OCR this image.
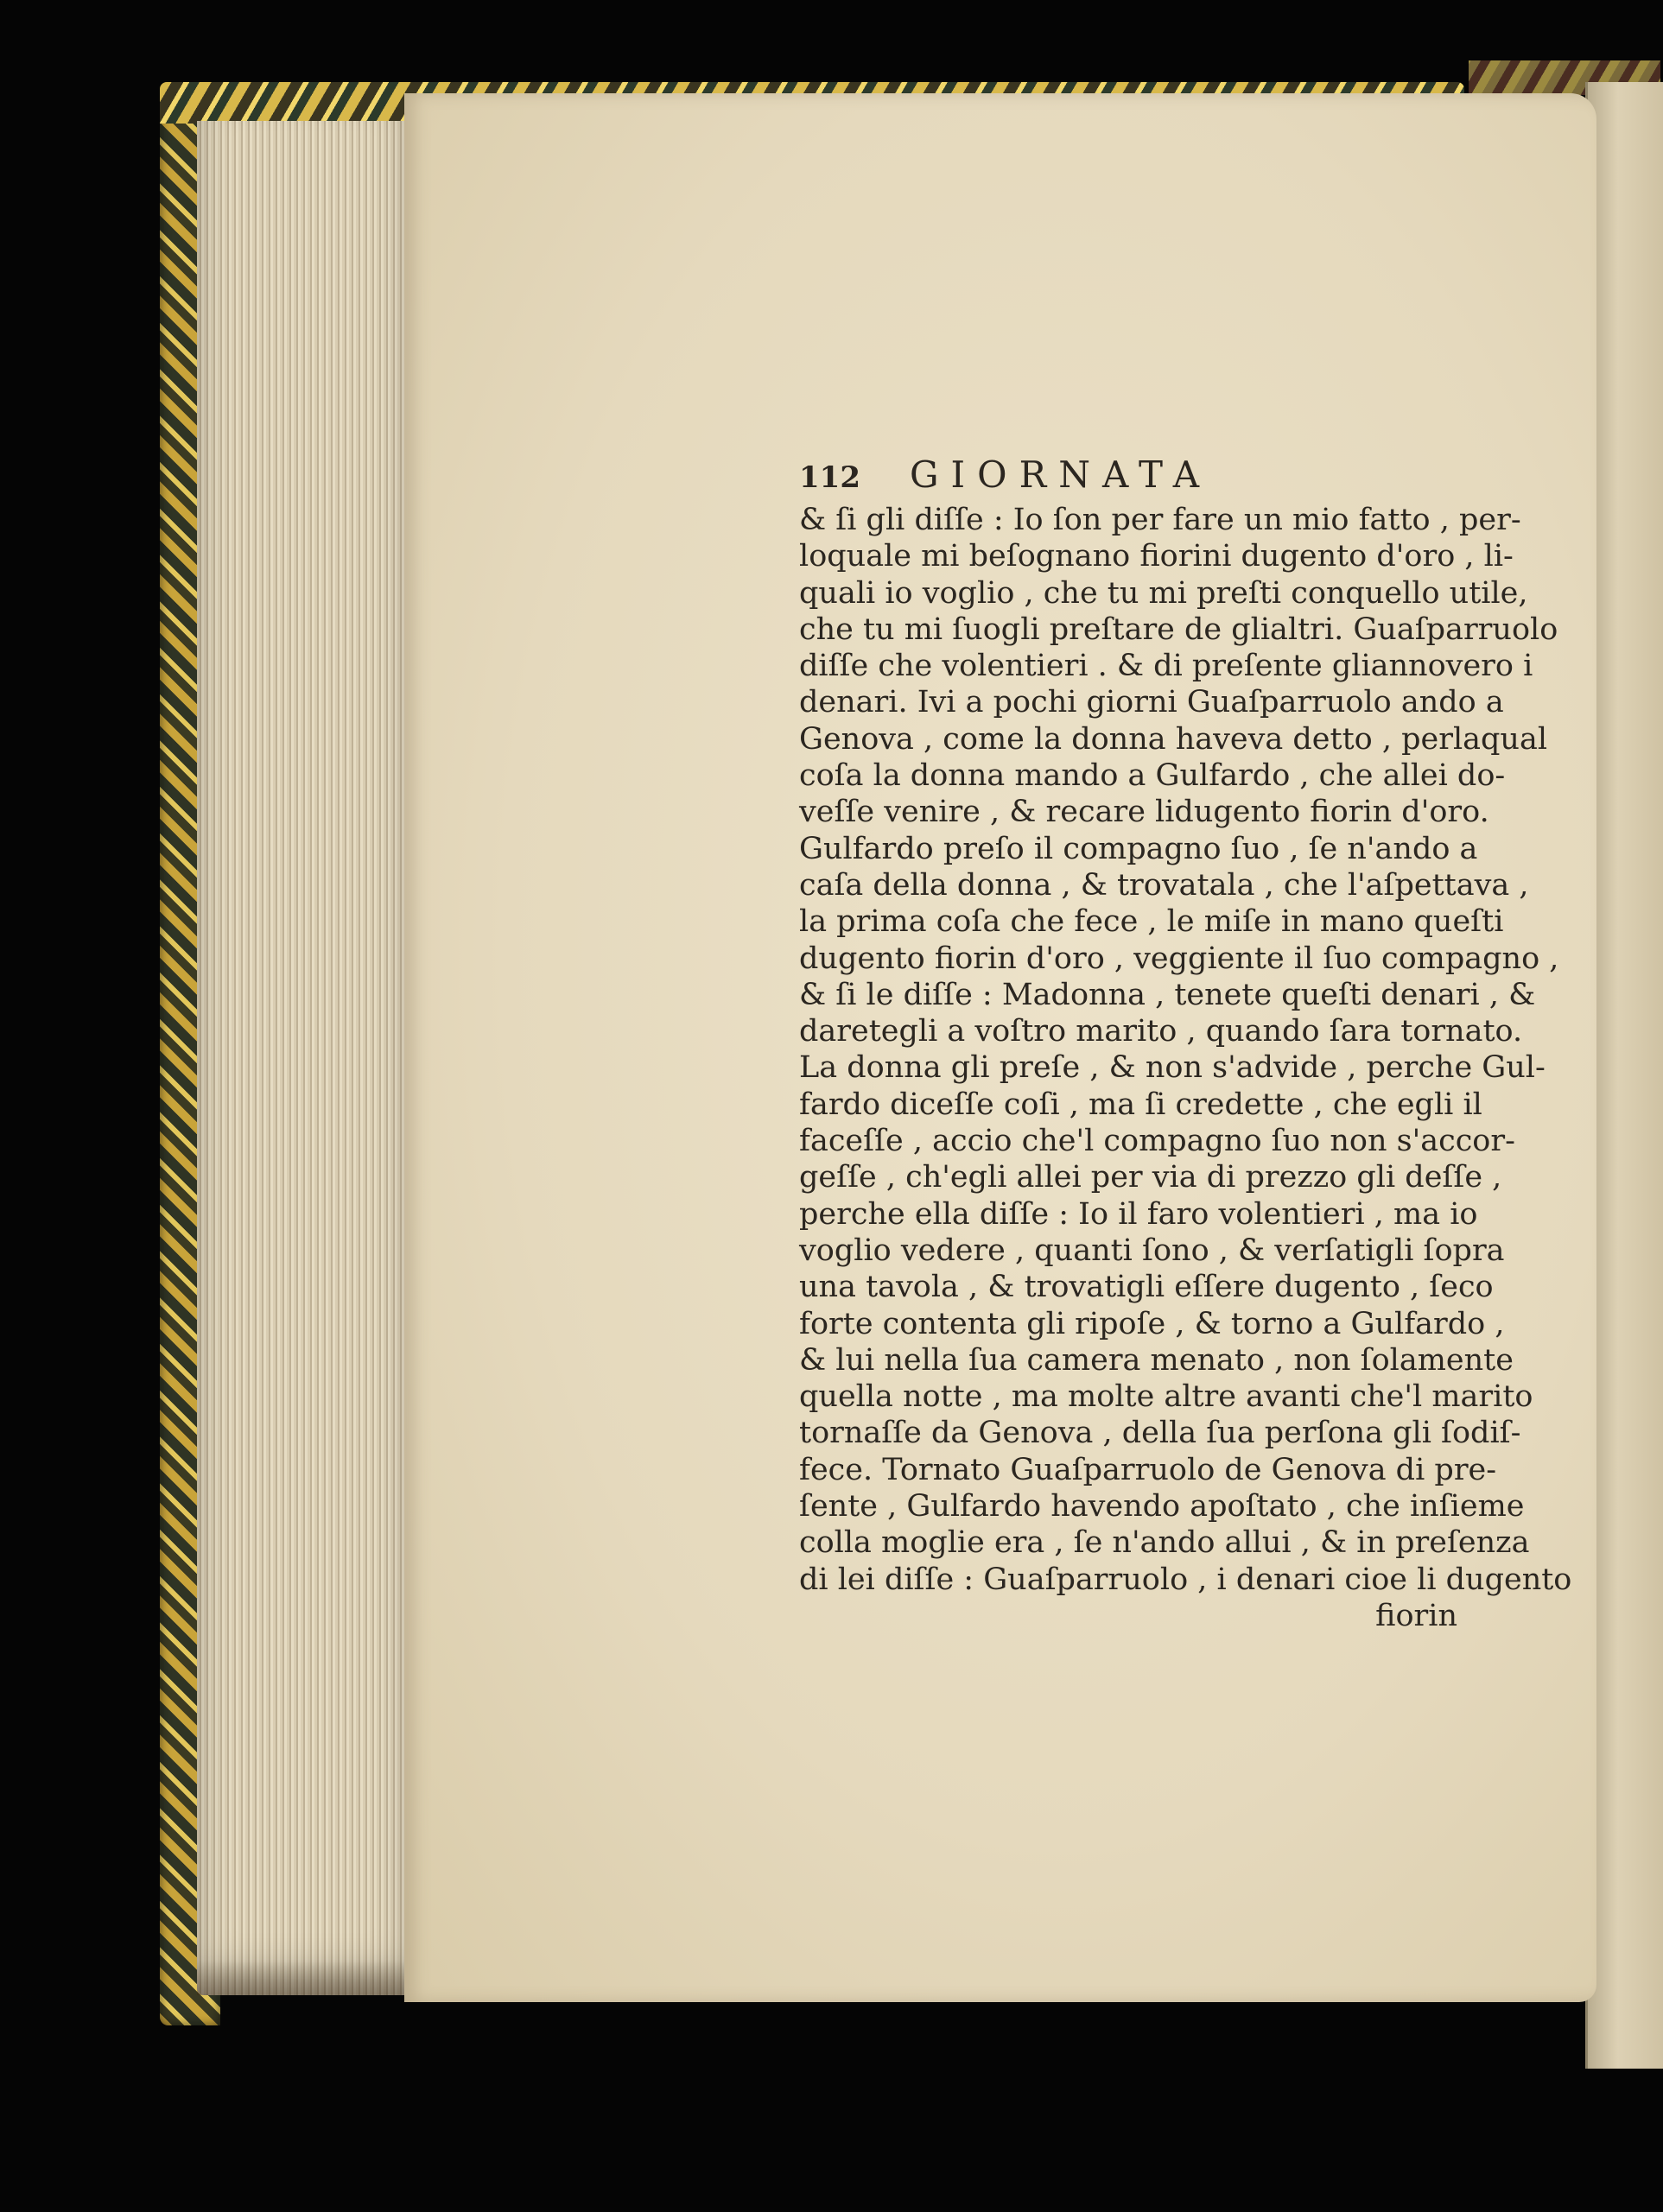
112	GIORNATA
& ſi gli diſſe : Io ſon per fare un mio fatto , per-
loquale mi beſognano fiorini dugento d'oro , li-
quali io voglio , che tu mi preſti conquello utile,
che tu mi ſuogli preſtare de glialtri. Guaſparruolo
diſſe che volentieri . & di preſente gliannovero i
denari. Ivi a pochi giorni Guaſparruolo ando a
Genova , come la donna haveva detto , perlaqual
coſa la donna mando a Gulfardo , che allei do-
veſſe venire , & recare lidugento fiorin d'oro.
Gulfardo preſo il compagno ſuo , ſe n'ando a
caſa della donna , & trovatala , che l'aſpettava ,
la prima coſa che fece , le miſe in mano queſti
dugento fiorin d'oro , veggiente il ſuo compagno ,
& ſi le diſſe : Madonna , tenete queſti denari , &
daretegli a voſtro marito , quando ſara tornato.
La donna gli preſe , & non s'advide , perche Gul-
fardo diceſſe coſi , ma ſi credette , che egli il
faceſſe , accio che'l compagno ſuo non s'accor-
geſſe , ch'egli allei per via di prezzo gli deſſe ,
perche ella diſſe : Io il faro volentieri , ma io
voglio vedere , quanti ſono , & verſatigli ſopra
una tavola , & trovatigli eſſere dugento , ſeco
forte contenta gli ripoſe , & torno a Gulfardo ,
& lui nella ſua camera menato , non ſolamente
quella notte , ma molte altre avanti che'l marito
tornaſſe da Genova , della ſua perſona gli ſodiſ-
fece. Tornato Guaſparruolo de Genova di pre-
ſente , Gulfardo havendo apoſtato , che inſieme
colla moglie era , ſe n'ando allui , & in preſenza
di lei diſſe : Guaſparruolo , i denari cioe li dugento
fiorin
